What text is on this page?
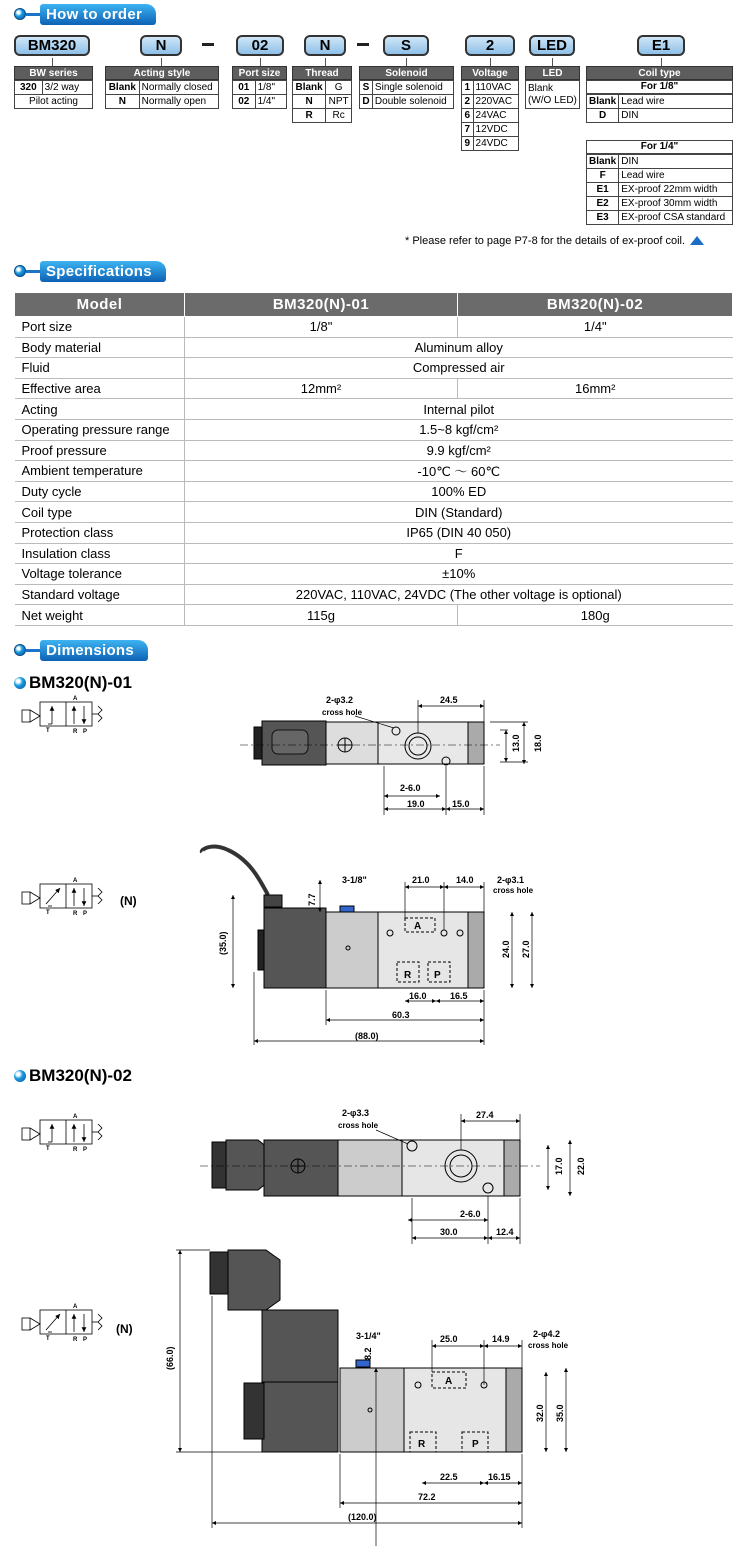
How to order
BM320	N	02	N	S	2	LED	E1
BW series
320	3/2 way
Pilot acting
Acting style
Blank	Normally closed
N	Normally open
Port size
01	1/8"
02	1/4"
Thread
Blank	G
N	NPT
R	Rc
Solenoid
S	Single solenoid
D	Double solenoid
Voltage
1	110VAC
2	220VAC
6	24VAC
7	12VDC
9	24VDC
LED
Blank
(W/O LED)
Coil type
For 1/8"
Blank	Lead wire
D	DIN
For 1/4"
Blank	DIN
F	Lead wire
E1	EX-proof 22mm width
E2	EX-proof 30mm width
E3	EX-proof CSA standard
* Please refer to page P7-8 for the details of ex-proof coil.
Specifications
Model	BM320(N)-01	BM320(N)-02
Port size	1/8"	1/4"
Body material	Aluminum alloy	
Fluid	Compressed air	
Effective area	12mm²	16mm²
Acting	Internal pilot	
Operating pressure range	1.5~8 kgf/cm²	
Proof pressure	9.9 kgf/cm²	
Ambient temperature	-10℃ ～ 60℃	
Duty cycle	100% ED	
Coil type	DIN (Standard)	
Protection class	IP65 (DIN 40 050)	
Insulation class	F	
Voltage tolerance	±10%	
Standard voltage	220VAC, 110VAC, 24VDC (The other voltage is optional)	
Net weight	115g	180g
Dimensions
BM320(N)-01
BM320(N)-02
2-φ3.2
cross hole
24.5
13.0 18.0
2-6.0
19.0	15.0
A
R P
3-1/8"	21.0	14.0	2-φ3.1
cross hole
7.7
(35.0)	24.0 27.0
16.0	16.5
60.3
(88.0)
2-φ3.3
cross hole
27.4
17.0 22.0
2-6.0
30.0	12.4
A
R	P
3-1/4"	25.0	14.9	2-φ4.2
cross hole
8.2
(66.0)
32.0 35.0
22.5	16.15
72.2
(120.0)
(N)
(N)
A
R P
T
A
R P
T
A
R P
T
A
R P
T
